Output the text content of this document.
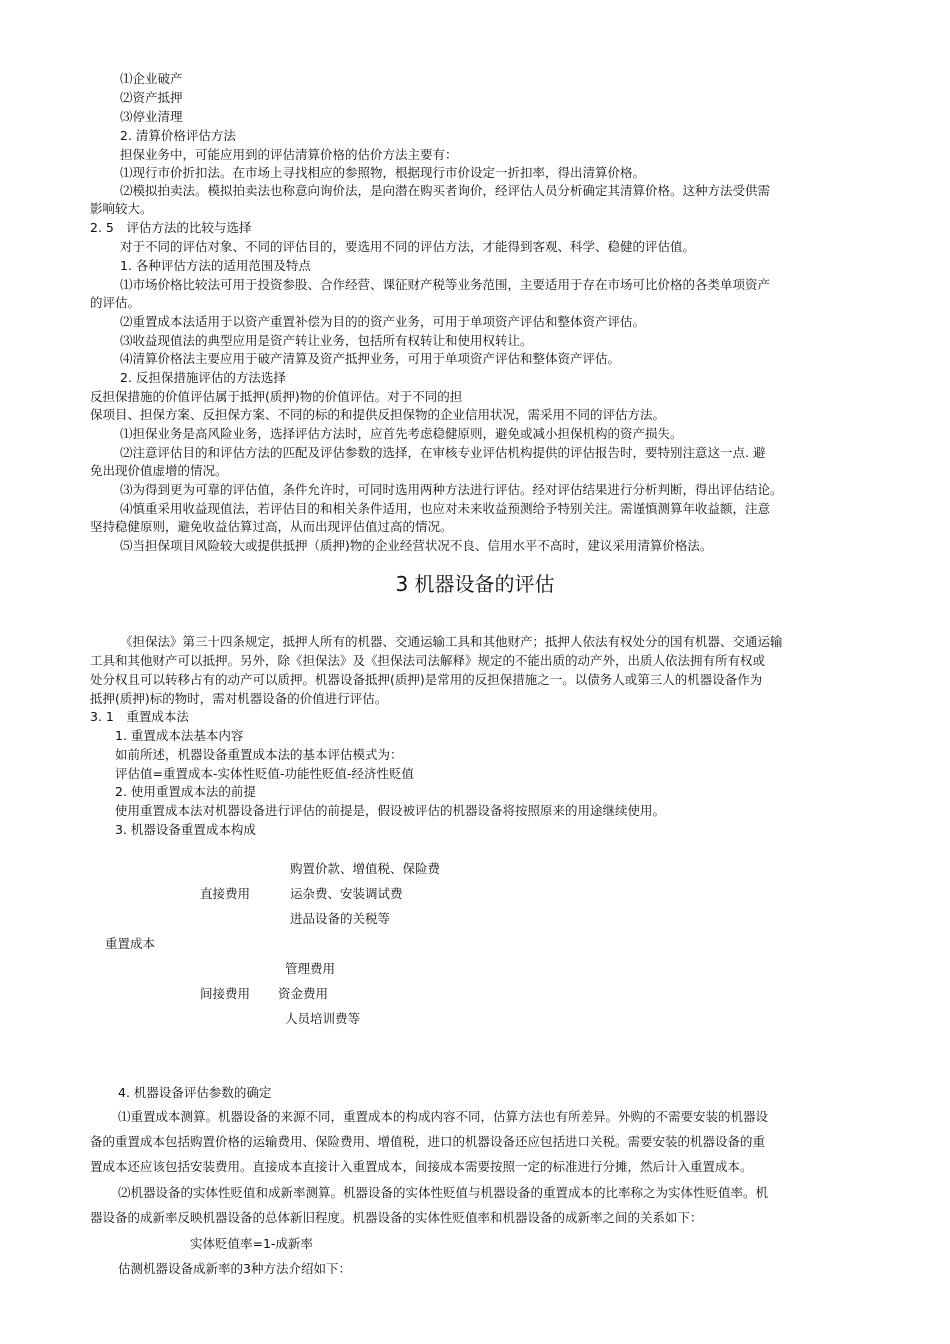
⑴企业破产
⑵资产抵押
⑶停业清理
2. 清算价格评估方法
担保业务中，可能应用到的评估清算价格的估价方法主要有：
⑴现行市价折扣法。在市场上寻找相应的参照物，根据现行市价设定一折扣率，得出清算价格。
⑵模拟拍卖法。模拟拍卖法也称意向询价法，是向潜在购买者询价，经评估人员分析确定其清算价格。这种方法受供需
影响较大。
2. 5　评估方法的比较与选择
对于不同的评估对象、不同的评估目的，要选用不同的评估方法，才能得到客观、科学、稳健的评估值。
1. 各种评估方法的适用范围及特点
⑴市场价格比较法可用于投资参股、合作经营、课征财产税等业务范围，主要适用于存在市场可比价格的各类单项资产
的评估。
⑵重置成本法适用于以资产重置补偿为目的的资产业务，可用于单项资产评估和整体资产评估。
⑶收益现值法的典型应用是资产转让业务，包括所有权转让和使用权转让。
⑷清算价格法主要应用于破产清算及资产抵押业务，可用于单项资产评估和整体资产评估。
2. 反担保措施评估的方法选择
反担保措施的价值评估属于抵押(质押)物的价值评估。对于不同的担
保项目、担保方案、反担保方案、不同的标的和提供反担保物的企业信用状况，需采用不同的评估方法。
⑴担保业务是高风险业务，选择评估方法时，应首先考虑稳健原则，避免或减小担保机构的资产损失。
⑵注意评估目的和评估方法的匹配及评估参数的选择，在审核专业评估机构提供的评估报告时，要特别注意这一点. 避
免出现价值虚增的情况。
⑶为得到更为可靠的评估值，条件允许时，可同时选用两种方法进行评估。经对评估结果进行分析判断，得出评估结论。
⑷慎重采用收益现值法，若评估目的和相关条件适用，也应对未来收益预测给予特别关注。需谨慎测算年收益额，注意
坚持稳健原则，避免收益估算过高，从而出现评估值过高的情况。
⑸当担保项目风险较大或提供抵押（质押)物的企业经营状况不良、信用水平不高时，建议采用清算价格法。
3 机器设备的评估
《担保法》第三十四条规定，抵押人所有的机器、交通运输工具和其他财产；抵押人依法有权处分的国有机器、交通运输
工具和其他财产可以抵押。另外，除《担保法》及《担保法司法解释》规定的不能出质的动产外，出质人依法拥有所有权或
处分权且可以转移占有的动产可以质押。机器设备抵押(质押)是常用的反担保措施之一。以债务人或第三人的机器设备作为
抵押(质押)标的物时，需对机器设备的价值进行评估。
3. 1　重置成本法
1. 重置成本法基本内容
如前所述，机器设备重置成本法的基本评估模式为：
评估值=重置成本-实体性贬值-功能性贬值-经济性贬值
2. 使用重置成本法的前提
使用重置成本法对机器设备进行评估的前提是，假设被评估的机器设备将按照原来的用途继续使用。
3. 机器设备重置成本构成
购置价款、增值税、保险费
直接费用	运杂费、安装调试费
进品设备的关税等
重置成本
管理费用
间接费用 资金费用
人员培训费等
4. 机器设备评估参数的确定
⑴重置成本测算。机器设备的来源不同，重置成本的构成内容不同，估算方法也有所差异。外购的不需要安装的机器设
备的重置成本包括购置价格的运输费用、保险费用、增值税，进口的机器设备还应包括进口关税。需要安装的机器设备的重
置成本还应该包括安装费用。直接成本直接计入重置成本，间接成本需要按照一定的标准进行分摊，然后计入重置成本。
⑵机器设备的实体性贬值和成新率测算。机器设备的实体性贬值与机器设备的重置成本的比率称之为实体性贬值率。机
器设备的成新率反映机器设备的总体新旧程度。机器设备的实体性贬值率和机器设备的成新率之间的关系如下：
实体贬值率=1-成新率
估测机器设备成新率的3种方法介绍如下：
